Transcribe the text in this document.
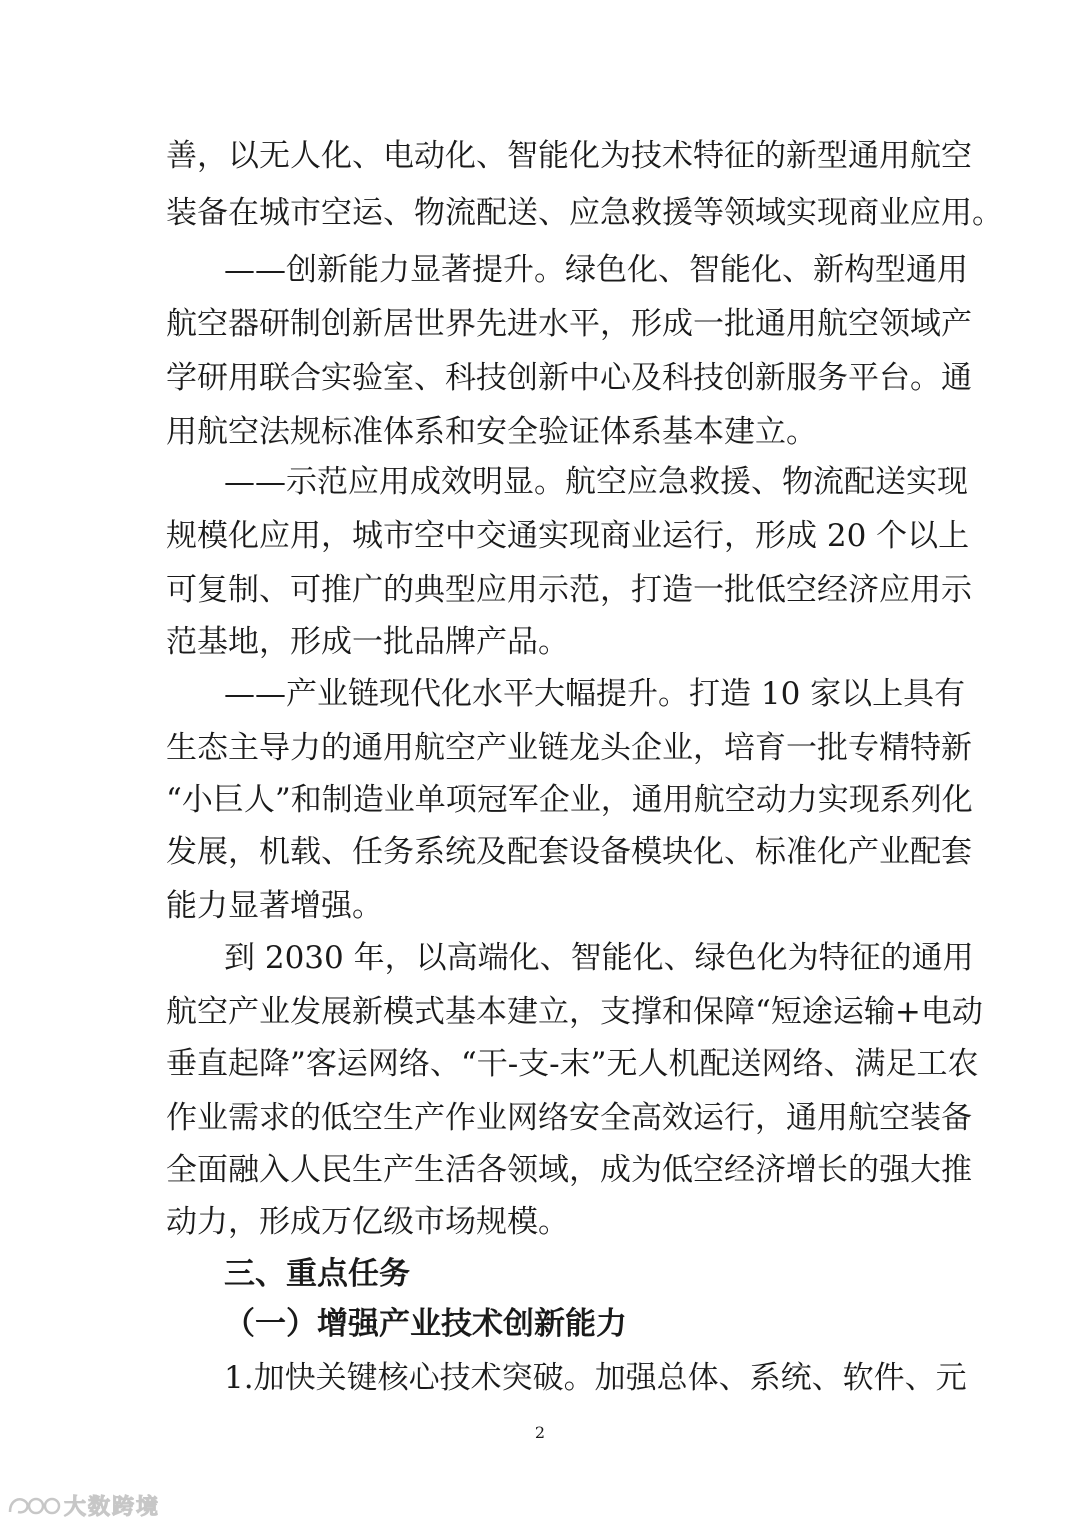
善，以无人化、电动化、智能化为技术特征的新型通用航空
装备在城市空运、物流配送、应急救援等领域实现商业应用。
——创新能力显著提升。绿色化、智能化、新构型通用
航空器研制创新居世界先进水平，形成一批通用航空领域产
学研用联合实验室、科技创新中心及科技创新服务平台。通
用航空法规标准体系和安全验证体系基本建立。
——示范应用成效明显。航空应急救援、物流配送实现
规模化应用，城市空中交通实现商业运行，形成 20 个以上
可复制、可推广的典型应用示范，打造一批低空经济应用示
范基地，形成一批品牌产品。
——产业链现代化水平大幅提升。打造 10 家以上具有
生态主导力的通用航空产业链龙头企业，培育一批专精特新
“小巨人”和制造业单项冠军企业，通用航空动力实现系列化
发展，机载、任务系统及配套设备模块化、标准化产业配套
能力显著增强。
到 2030 年，以高端化、智能化、绿色化为特征的通用
航空产业发展新模式基本建立，支撑和保障“短途运输+电动
垂直起降”客运网络、“干-支-末”无人机配送网络、满足工农
作业需求的低空生产作业网络安全高效运行，通用航空装备
全面融入人民生产生活各领域，成为低空经济增长的强大推
动力，形成万亿级市场规模。
三、重点任务
（一）增强产业技术创新能力
1.加快关键核心技术突破。加强总体、系统、软件、元
2
大数跨境
